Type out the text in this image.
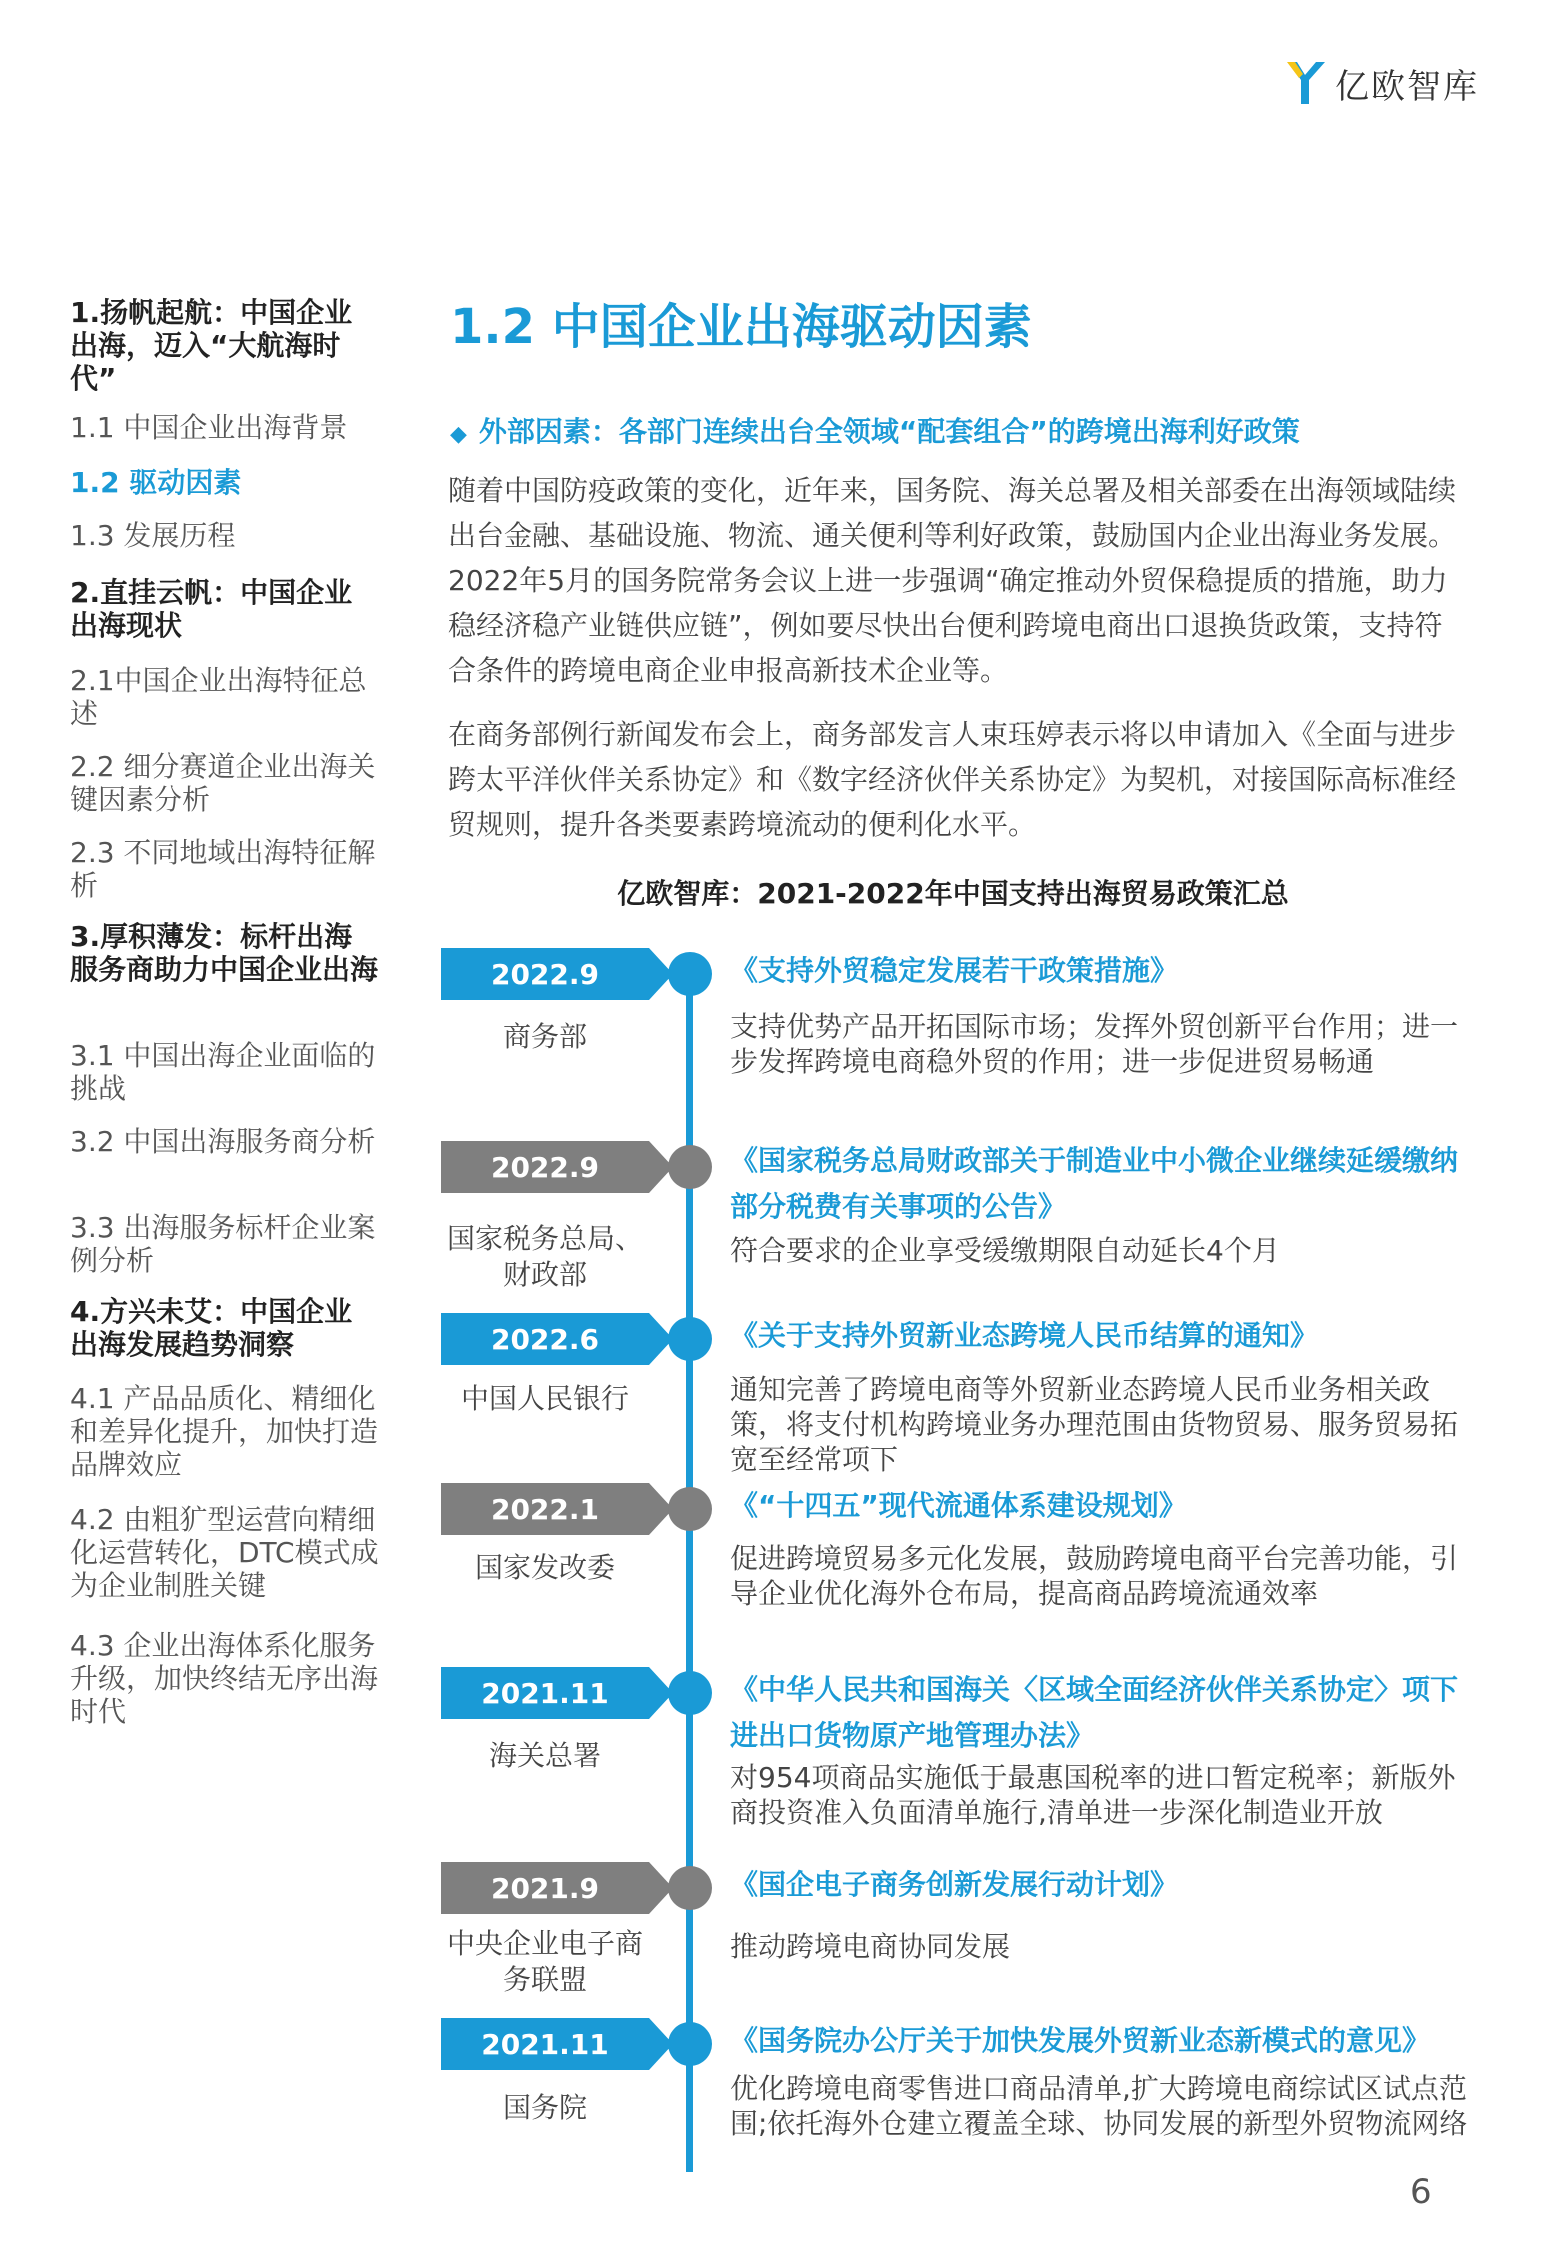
亿欧智库
1.扬帆起航：中国企业出海，迈入“大航海时代”
1.1 中国企业出海背景
1.2 驱动因素
1.3 发展历程
2.直挂云帆：中国企业出海现状
2.1中国企业出海特征总述
2.2 细分赛道企业出海关键因素分析
2.3 不同地域出海特征解析
3.厚积薄发：标杆出海服务商助力中国企业出海
3.1 中国出海企业面临的挑战
3.2 中国出海服务商分析
3.3 出海服务标杆企业案例分析
4.方兴未艾：中国企业出海发展趋势洞察
4.1 产品品质化、精细化和差异化提升，加快打造品牌效应
4.2 由粗犷型运营向精细化运营转化，DTC模式成为企业制胜关键
4.3 企业出海体系化服务升级，加快终结无序出海时代
1.2 中国企业出海驱动因素
◆ 外部因素：各部门连续出台全领域“配套组合”的跨境出海利好政策
随着中国防疫政策的变化，近年来，国务院、海关总署及相关部委在出海领域陆续出台金融、基础设施、物流、通关便利等利好政策，鼓励国内企业出海业务发展。2022年5月的国务院常务会议上进一步强调“确定推动外贸保稳提质的措施，助力稳经济稳产业链供应链”，例如要尽快出台便利跨境电商出口退换货政策，支持符合条件的跨境电商企业申报高新技术企业等。
在商务部例行新闻发布会上，商务部发言人束珏婷表示将以申请加入《全面与进步跨太平洋伙伴关系协定》和《数字经济伙伴关系协定》为契机，对接国际高标准经贸规则，提升各类要素跨境流动的便利化水平。
亿欧智库：2021-2022年中国支持出海贸易政策汇总
2022.9
商务部
《支持外贸稳定发展若干政策措施》
支持优势产品开拓国际市场；发挥外贸创新平台作用；进一步发挥跨境电商稳外贸的作用；进一步促进贸易畅通
2022.9
国家税务总局、财政部
《国家税务总局财政部关于制造业中小微企业继续延缓缴纳部分税费有关事项的公告》
符合要求的企业享受缓缴期限自动延长4个月
2022.6
中国人民银行
《关于支持外贸新业态跨境人民币结算的通知》
通知完善了跨境电商等外贸新业态跨境人民币业务相关政策，将支付机构跨境业务办理范围由货物贸易、服务贸易拓宽至经常项下
2022.1
国家发改委
《“十四五”现代流通体系建设规划》
促进跨境贸易多元化发展，鼓励跨境电商平台完善功能，引导企业优化海外仓布局，提高商品跨境流通效率
2021.11
海关总署
《中华人民共和国海关〈区域全面经济伙伴关系协定〉项下进出口货物原产地管理办法》
对954项商品实施低于最惠国税率的进口暂定税率；新版外商投资准入负面清单施行,清单进一步深化制造业开放
2021.9
中央企业电子商务联盟
《国企电子商务创新发展行动计划》
推动跨境电商协同发展
2021.11
国务院
《国务院办公厅关于加快发展外贸新业态新模式的意见》
优化跨境电商零售进口商品清单,扩大跨境电商综试区试点范围;依托海外仓建立覆盖全球、协同发展的新型外贸物流网络
6
